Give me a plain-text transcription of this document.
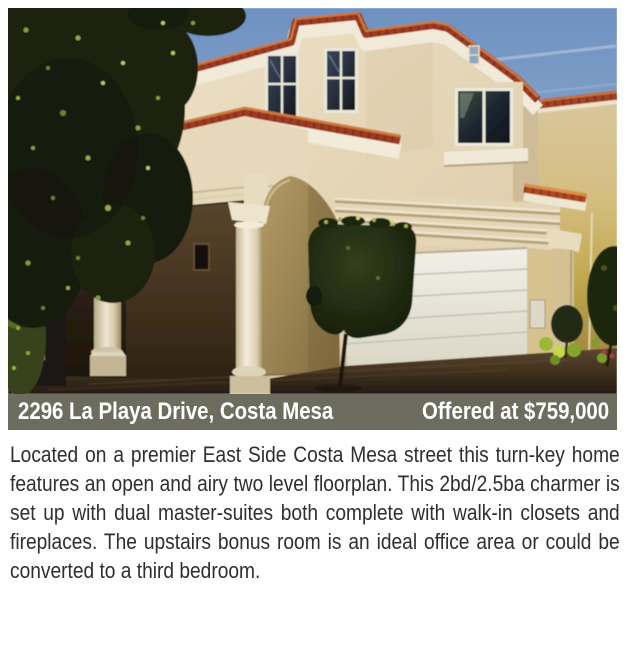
2296 La Playa Drive, Costa Mesa	Offered at $759,000
Located on a premier East Side Costa Mesa street this turn-key home features an open and airy two level floorplan. This 2bd/2.5ba charmer is set up with dual master-suites both complete with walk-in closets and fireplaces. The upstairs bonus room is an ideal office area or could be converted to a third bedroom.
